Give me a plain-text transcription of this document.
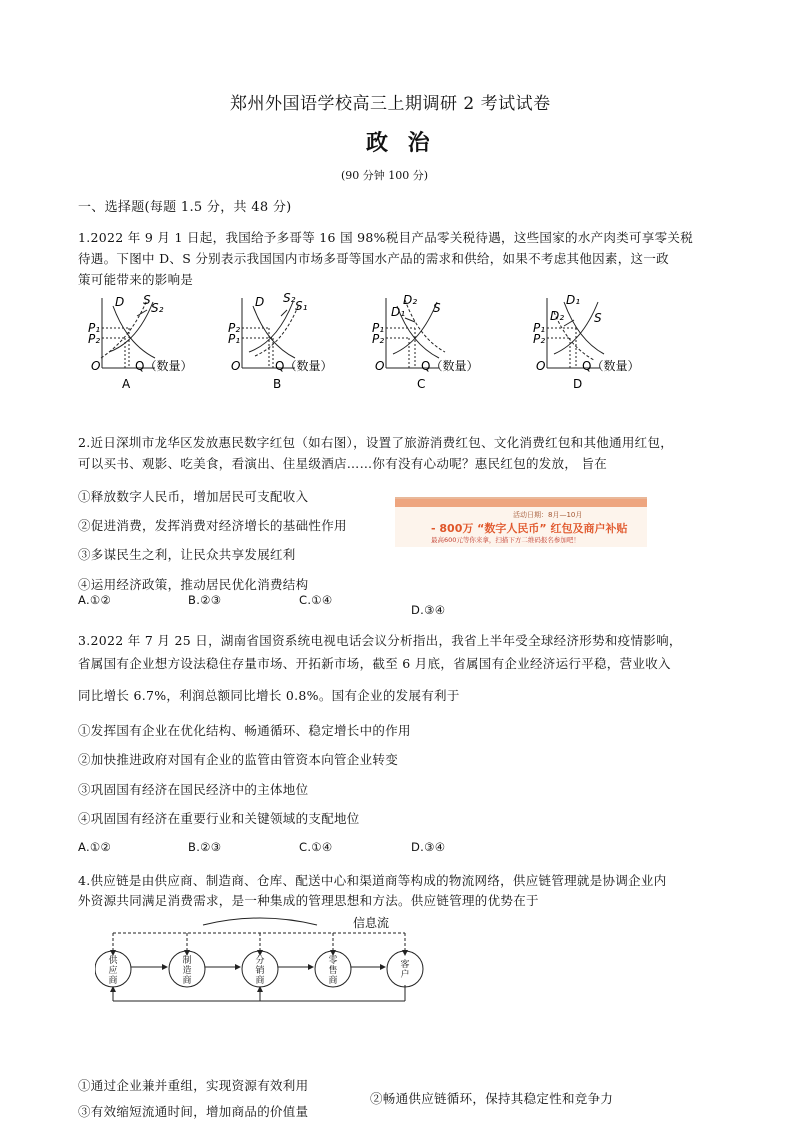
郑州外国语学校高三上期调研 2 考试试卷
政 治
(90 分钟 100 分)
一、选择题(每题 1.5 分，共 48 分)
1.2022 年 9 月 1 日起，我国给予多哥等 16 国 98%税目产品零关税待遇，这些国家的水产肉类可享零关税
待遇。下图中 D、S 分别表示我国国内市场多哥等国水产品的需求和供给，如果不考虑其他因素，这一政
策可能带来的影响是
D S
S₂
P₁
P₂
O	Q（数量）
A
D	S₁
S₂
P₂
P₁
O	Q（数量）
B
D₁
D₂
S
P₁
P₂
O	Q（数量）
C
D₂
D₁
S
P₁
P₂
O	Q（数量）
D
2.近日深圳市龙华区发放惠民数字红包（如右图），设置了旅游消费红包、文化消费红包和其他通用红包，
可以买书、观影、吃美食，看演出、住星级酒店……你有没有心动呢？惠民红包的发放， 旨在
①释放数字人民币，增加居民可支配收入
②促进消费，发挥消费对经济增长的基础性作用
③多谋民生之利，让民众共享发展红利
④运用经济政策，推动居民优化消费结构
A.①②	B.②③	C.①④
D.③④
活动日期：8月—10月
- 800万 “数字人民币” 红包及商户补贴
最高600元等你来拿，扫描下方二维码报名参加吧！
3.2022 年 7 月 25 日，湖南省国资系统电视电话会议分析指出，我省上半年受全球经济形势和疫情影响，
省属国有企业想方设法稳住存量市场、开拓新市场，截至 6 月底，省属国有企业经济运行平稳，营业收入
同比增长 6.7%，利润总额同比增长 0.8%。国有企业的发展有利于
①发挥国有企业在优化结构、畅通循环、稳定增长中的作用
②加快推进政府对国有企业的监管由管资本向管企业转变
③巩固国有经济在国民经济中的主体地位
④巩固国有经济在重要行业和关键领域的支配地位
A.①②	B.②③	C.①④	D.③④
4.供应链是由供应商、制造商、仓库、配送中心和渠道商等构成的物流网络，供应链管理就是协调企业内
外资源共同满足消费需求，是一种集成的管理思想和方法。供应链管理的优势在于
信息流
供
应
商
制
造
商
分
销
商
零
售
商
客
户
①通过企业兼并重组，实现资源有效利用
②畅通供应链循环，保持其稳定性和竞争力
③有效缩短流通时间，增加商品的价值量
